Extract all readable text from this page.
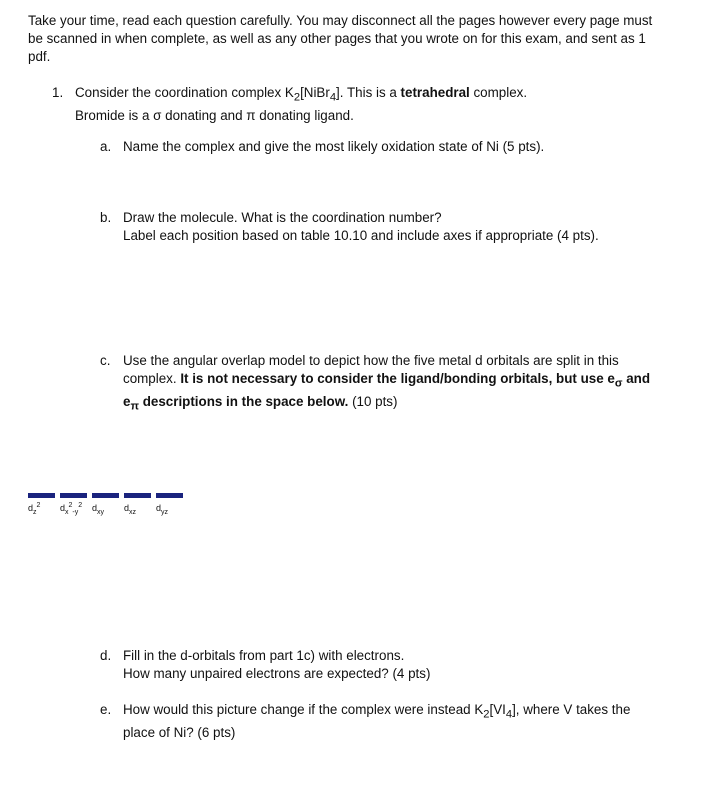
Take your time, read each question carefully. You may disconnect all the pages however every page must be scanned in when complete, as well as any other pages that you wrote on for this exam, and sent as 1 pdf.
1. Consider the coordination complex $K_2[NiBr_4]$. This is a tetrahedral complex.
Bromide is a σ donating and π donating ligand.
a. Name the complex and give the most likely oxidation state of Ni (5 pts).
b. Draw the molecule. What is the coordination number?
Label each position based on table 10.10 and include axes if appropriate (4 pts).
c. Use the angular overlap model to depict how the five metal d orbitals are split in this complex. It is not necessary to consider the ligand/bonding orbitals, but use $e_\sigma$ and $e_\pi$ descriptions in the space below. (10 pts)
$d_z^2$	$d_x^2_{-y}^2$	$d_{xy}$	$d_{xz}$	$d_{yz}$
d. Fill in the d-orbitals from part 1c) with electrons.
How many unpaired electrons are expected? (4 pts)
e. How would this picture change if the complex were instead $K_2[VI_4]$, where V takes the place of Ni? (6 pts)
